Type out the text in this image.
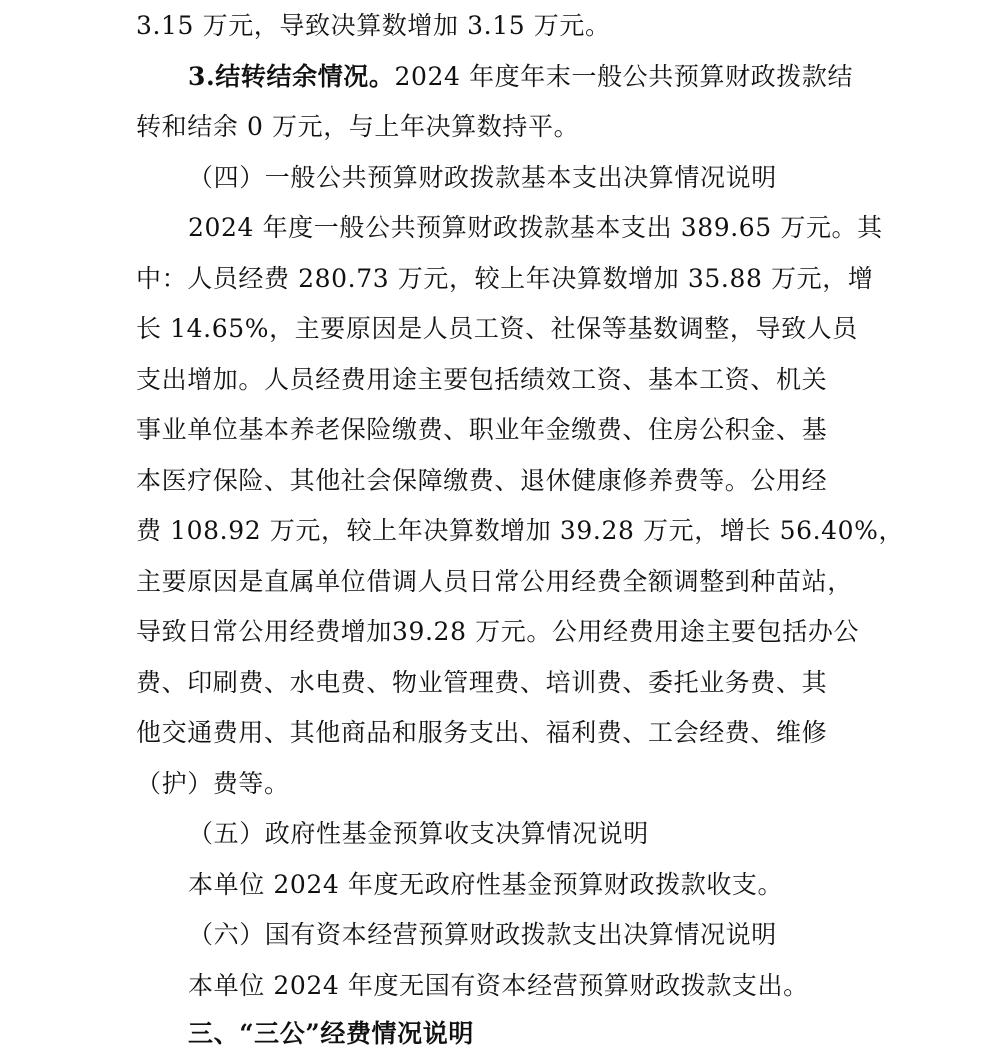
3.15 万元，导致决算数增加 3.15 万元。
3.结转结余情况。2024 年度年末一般公共预算财政拨款结
转和结余 0 万元，与上年决算数持平。
（四）一般公共预算财政拨款基本支出决算情况说明
2024 年度一般公共预算财政拨款基本支出 389.65 万元。其
中：人员经费 280.73 万元，较上年决算数增加 35.88 万元，增
长 14.65%，主要原因是人员工资、社保等基数调整，导致人员
支出增加。人员经费用途主要包括绩效工资、基本工资、机关
事业单位基本养老保险缴费、职业年金缴费、住房公积金、基
本医疗保险、其他社会保障缴费、退休健康修养费等。公用经
费 108.92 万元，较上年决算数增加 39.28 万元，增长 56.40%，
主要原因是直属单位借调人员日常公用经费全额调整到种苗站，
导致日常公用经费增加39.28 万元。公用经费用途主要包括办公
费、印刷费、水电费、物业管理费、培训费、委托业务费、其
他交通费用、其他商品和服务支出、福利费、工会经费、维修
（护）费等。
（五）政府性基金预算收支决算情况说明
本单位 2024 年度无政府性基金预算财政拨款收支。
（六）国有资本经营预算财政拨款支出决算情况说明
本单位 2024 年度无国有资本经营预算财政拨款支出。
三、“三公”经费情况说明
